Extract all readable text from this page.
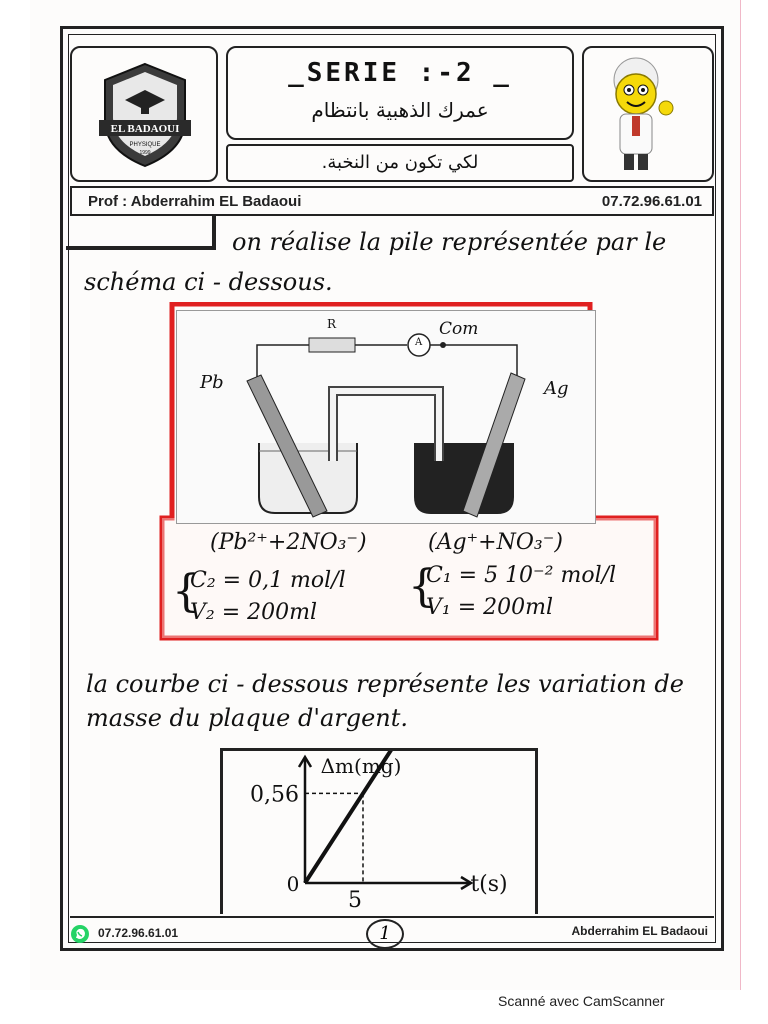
EL BADAOUI
PHYSIQUE
1999
_SERIE :-2 _
عمرك الذهبية بانتظام
لكي تكون من النخبة.
Prof : Abderrahim EL Badaoui	07.72.96.61.01
on réalise la pile représentée par le
schéma ci - dessous.
R
A
Com
Pb	Ag
(Pb²⁺+2NO₃⁻)
{
C₂ = 0,1 mol/l
V₂ = 200ml
(Ag⁺+NO₃⁻)
{
C₁ = 5 10⁻² mol/l
V₁ = 200ml
la courbe ci - dessous représente les variation de
masse du plaque d'argent.
0,56
5
0
Δm(mg)
t(s)
07.72.96.61.01	1	Abderrahim EL Badaoui
Scanné avec CamScanner
